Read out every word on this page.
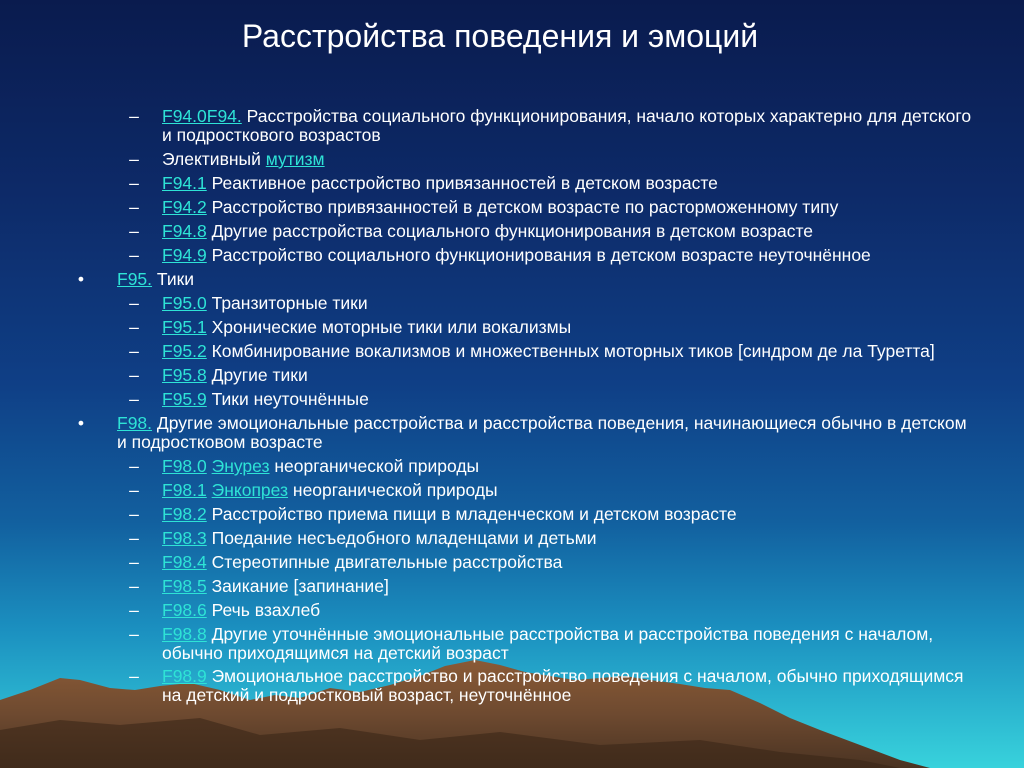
Расстройства поведения и эмоций
– F94.0F94. Расстройства социального функционирования, начало которых характерно для детского
и подросткового возрастов
– Элективный мутизм
– F94.1 Реактивное расстройство привязанностей в детском возрасте
– F94.2 Расстройство привязанностей в детском возрасте по расторможенному типу
– F94.8 Другие расстройства социального функционирования в детском возрасте
– F94.9 Расстройство социального функционирования в детском возрасте неуточнённое
• F95. Тики
– F95.0 Транзиторные тики
– F95.1 Хронические моторные тики или вокализмы
– F95.2 Комбинирование вокализмов и множественных моторных тиков [синдром де ла Туретта]
– F95.8 Другие тики
– F95.9 Тики неуточнённые
• F98. Другие эмоциональные расстройства и расстройства поведения, начинающиеся обычно в детском
и подростковом возрасте
– F98.0 Энурез неорганической природы
– F98.1 Энкопрез неорганической природы
– F98.2 Расстройство приема пищи в младенческом и детском возрасте
– F98.3 Поедание несъедобного младенцами и детьми
– F98.4 Стереотипные двигательные расстройства
– F98.5 Заикание [запинание]
– F98.6 Речь взахлеб
– F98.8 Другие уточнённые эмоциональные расстройства и расстройства поведения с началом,
обычно приходящимся на детский возраст
– F98.9 Эмоциональное расстройство и расстройство поведения с началом, обычно приходящимся
на детский и подростковый возраст, неуточнённое
